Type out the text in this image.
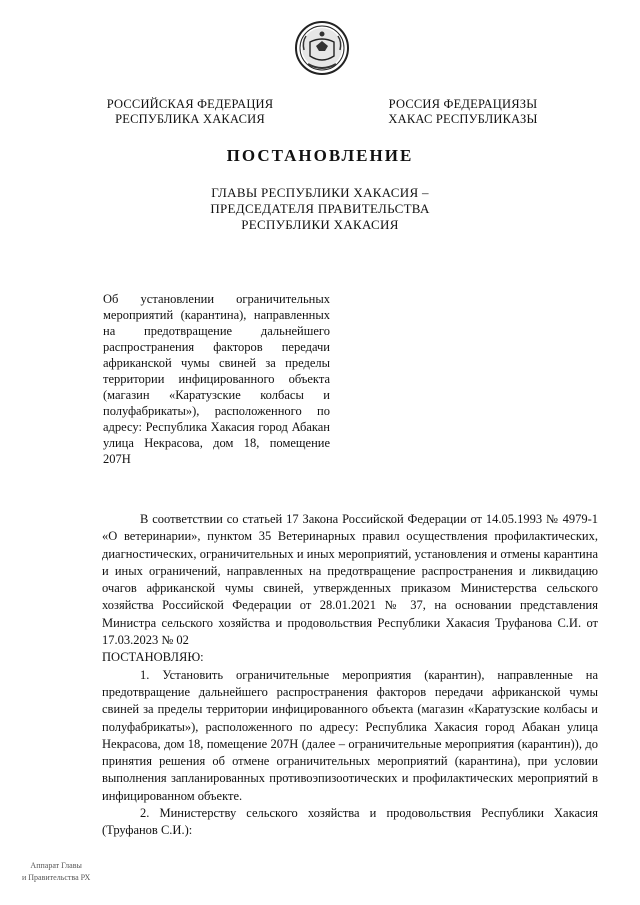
РОССИЙСКАЯ ФЕДЕРАЦИЯ
РЕСПУБЛИКА ХАКАСИЯ
РОССИЯ ФЕДЕРАЦИЯЗЫ
ХАКАС РЕСПУБЛИКАЗЫ
ПОСТАНОВЛЕНИЕ
ГЛАВЫ РЕСПУБЛИКИ ХАКАСИЯ –
ПРЕДСЕДАТЕЛЯ ПРАВИТЕЛЬСТВА
РЕСПУБЛИКИ ХАКАСИЯ
Об установлении ограничительных мероприятий (карантина), направленных на предотвращение дальнейшего распространения факторов передачи африканской чумы свиней за пределы территории инфицированного объекта (магазин «Каратузские колбасы и полуфабрикаты»), расположенного по адресу: Республика Хакасия город Абакан улица Некрасова, дом 18, помещение 207Н

В соответствии со статьей 17 Закона Российской Федерации от 14.05.1993 № 4979-1 «О ветеринарии», пунктом 35 Ветеринарных правил осуществления профилактических, диагностических, ограничительных и иных мероприятий, установления и отмены карантина и иных ограничений, направленных на предотвращение распространения и ликвидацию очагов африканской чумы свиней, утвержденных приказом Министерства сельского хозяйства Российской Федерации от 28.01.2021 № 37, на основании представления Министра сельского хозяйства и продовольствия Республики Хакасия Труфанова С.И. от 17.03.2023 № 02

ПОСТАНОВЛЯЮ:

1. Установить ограничительные мероприятия (карантин), направленные на предотвращение дальнейшего распространения факторов передачи африканской чумы свиней за пределы территории инфицированного объекта (магазин «Каратузские колбасы и полуфабрикаты»), расположенного по адресу: Республика Хакасия город Абакан улица Некрасова, дом 18, помещение 207Н (далее – ограничительные мероприятия (карантин)), до принятия решения об отмене ограничительных мероприятий (карантина), при условии выполнения запланированных противоэпизоотических и профилактических мероприятий в инфицированном объекте.

2. Министерству сельского хозяйства и продовольствия Республики Хакасия (Труфанов С.И.):

Аппарат Главы
и Правительства РХ
